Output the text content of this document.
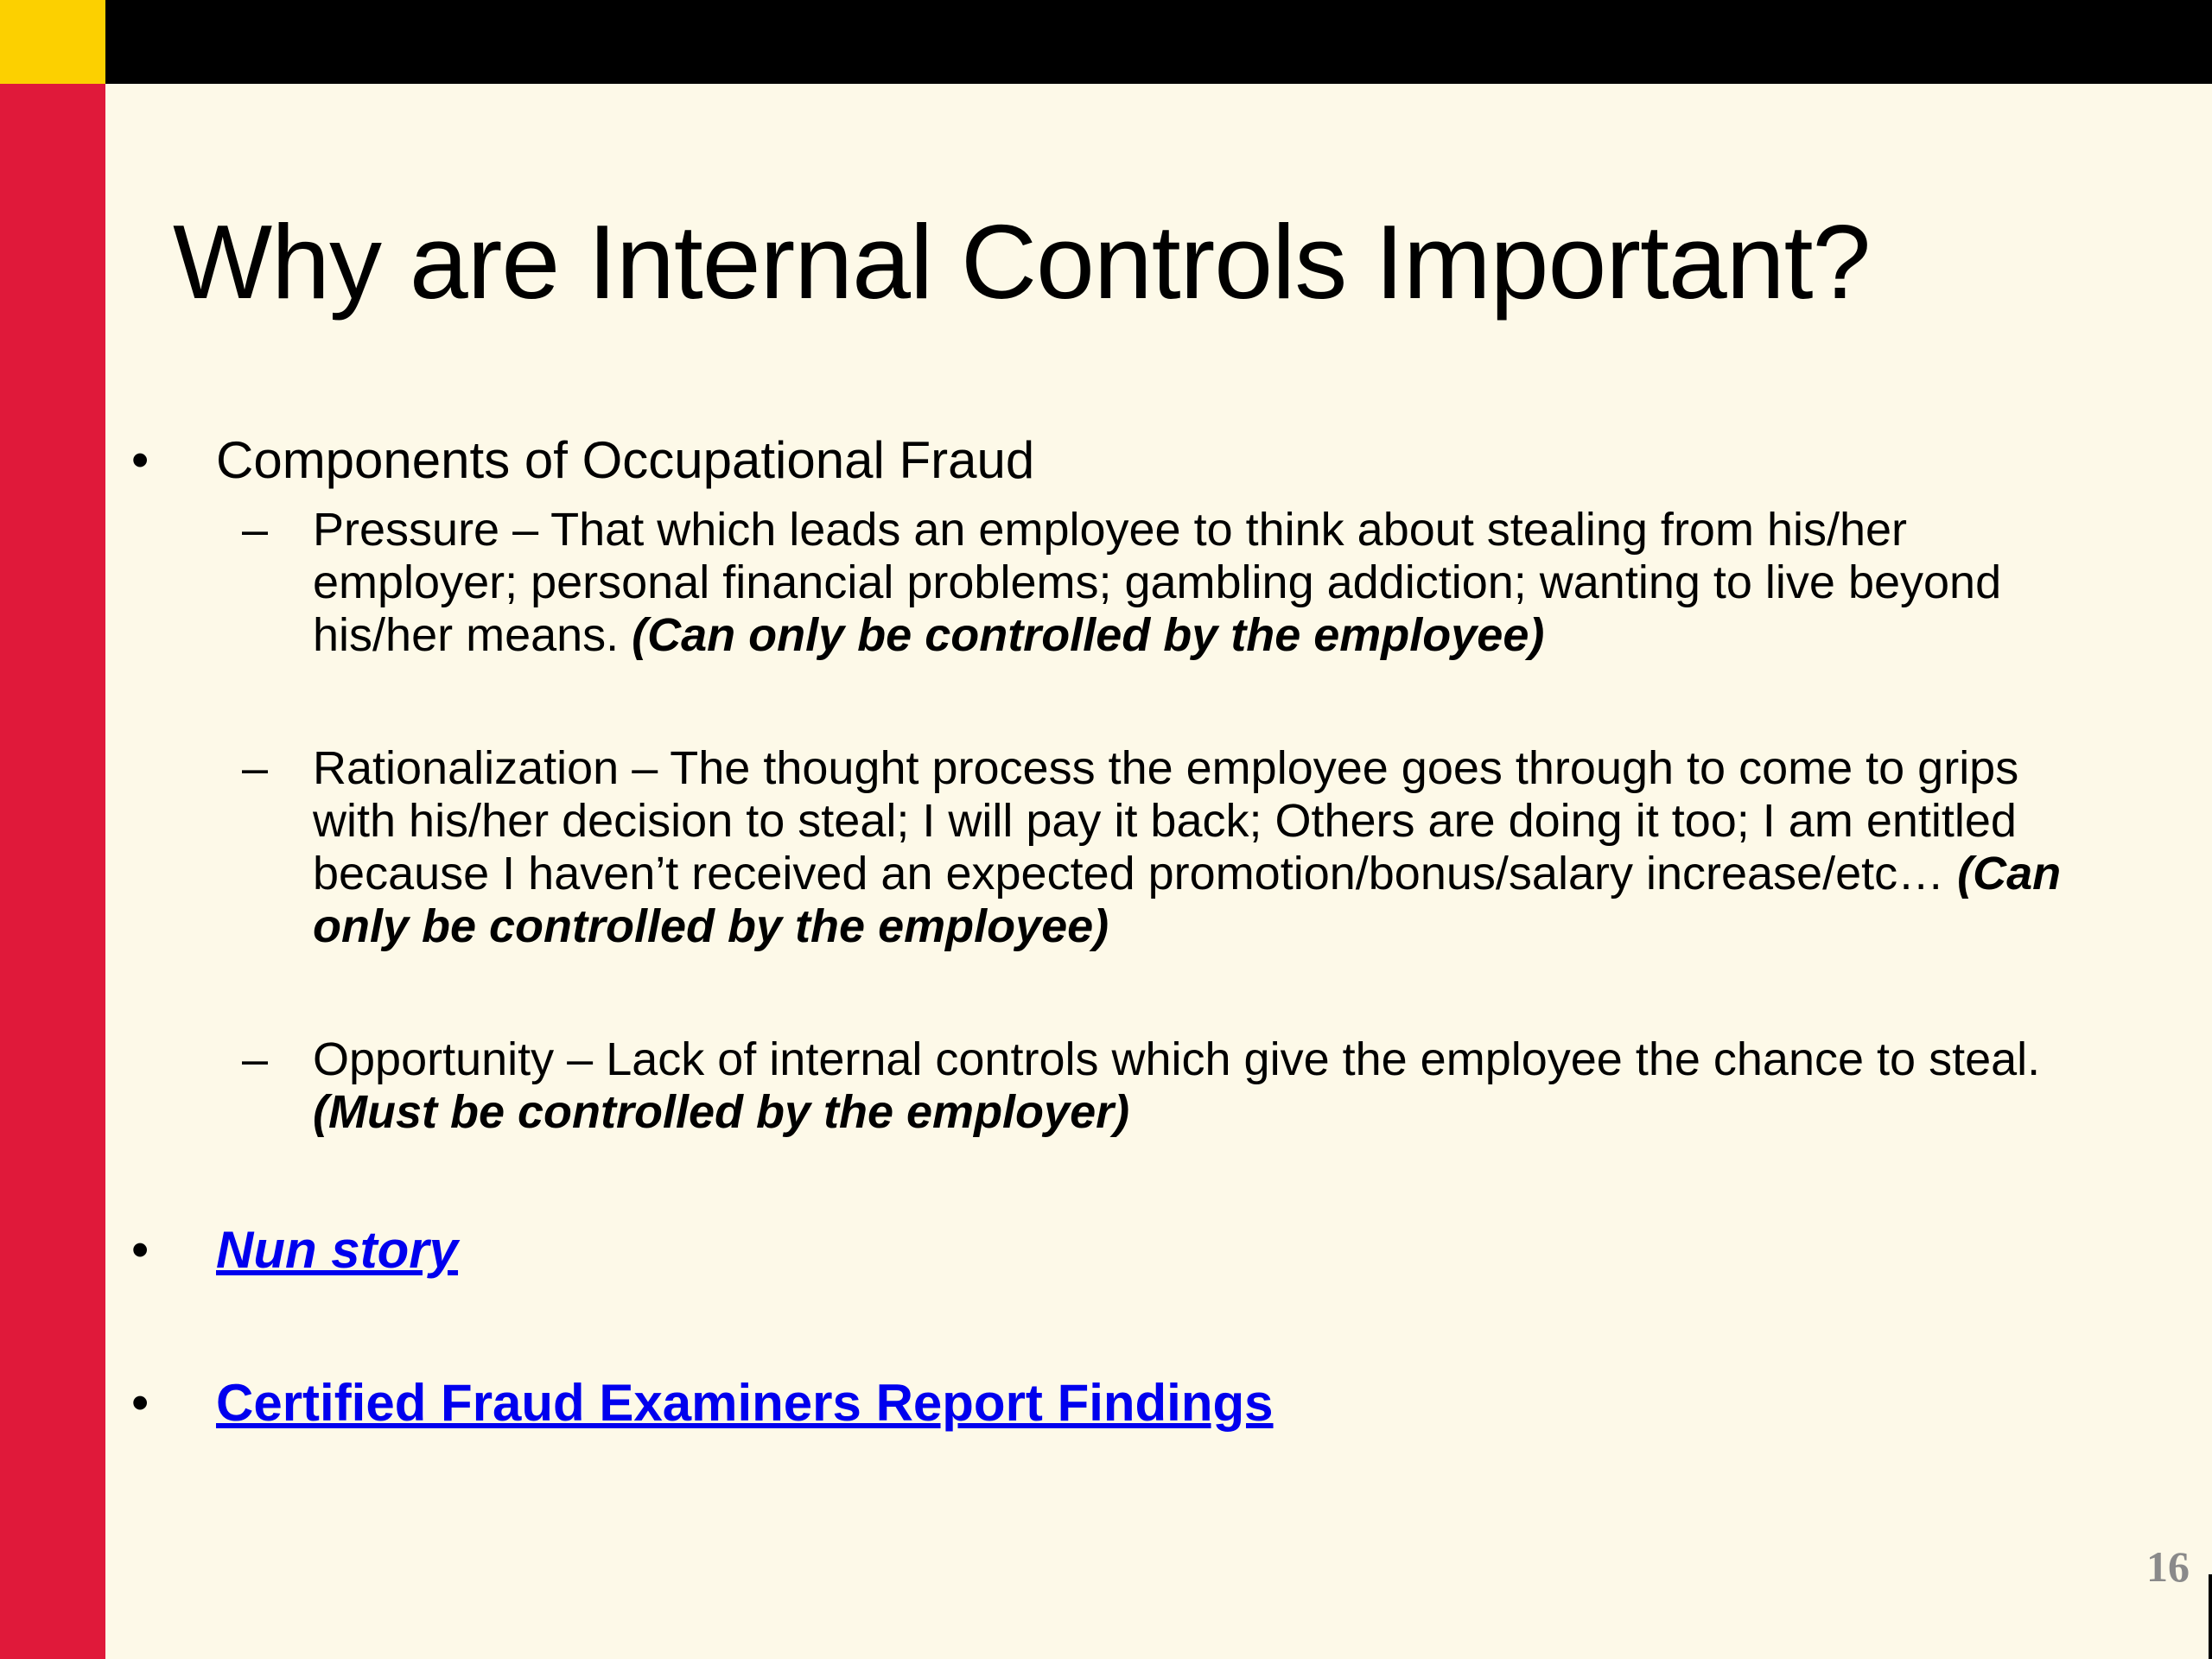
Why are Internal Controls Important?
• Components of Occupational Fraud
– Pressure – That which leads an employee to think about stealing from his/her employer; personal financial problems; gambling addiction; wanting to live beyond his/her means. (Can only be controlled by the employee)

– Rationalization – The thought process the employee goes through to come to grips with his/her decision to steal; I will pay it back; Others are doing it too; I am entitled because I haven’t received an expected promotion/bonus/salary increase/etc… (Can only be controlled by the employee)

– Opportunity – Lack of internal controls which give the employee the chance to steal. (Must be controlled by the employer)

• Nun story
• Certified Fraud Examiners Report Findings
16
